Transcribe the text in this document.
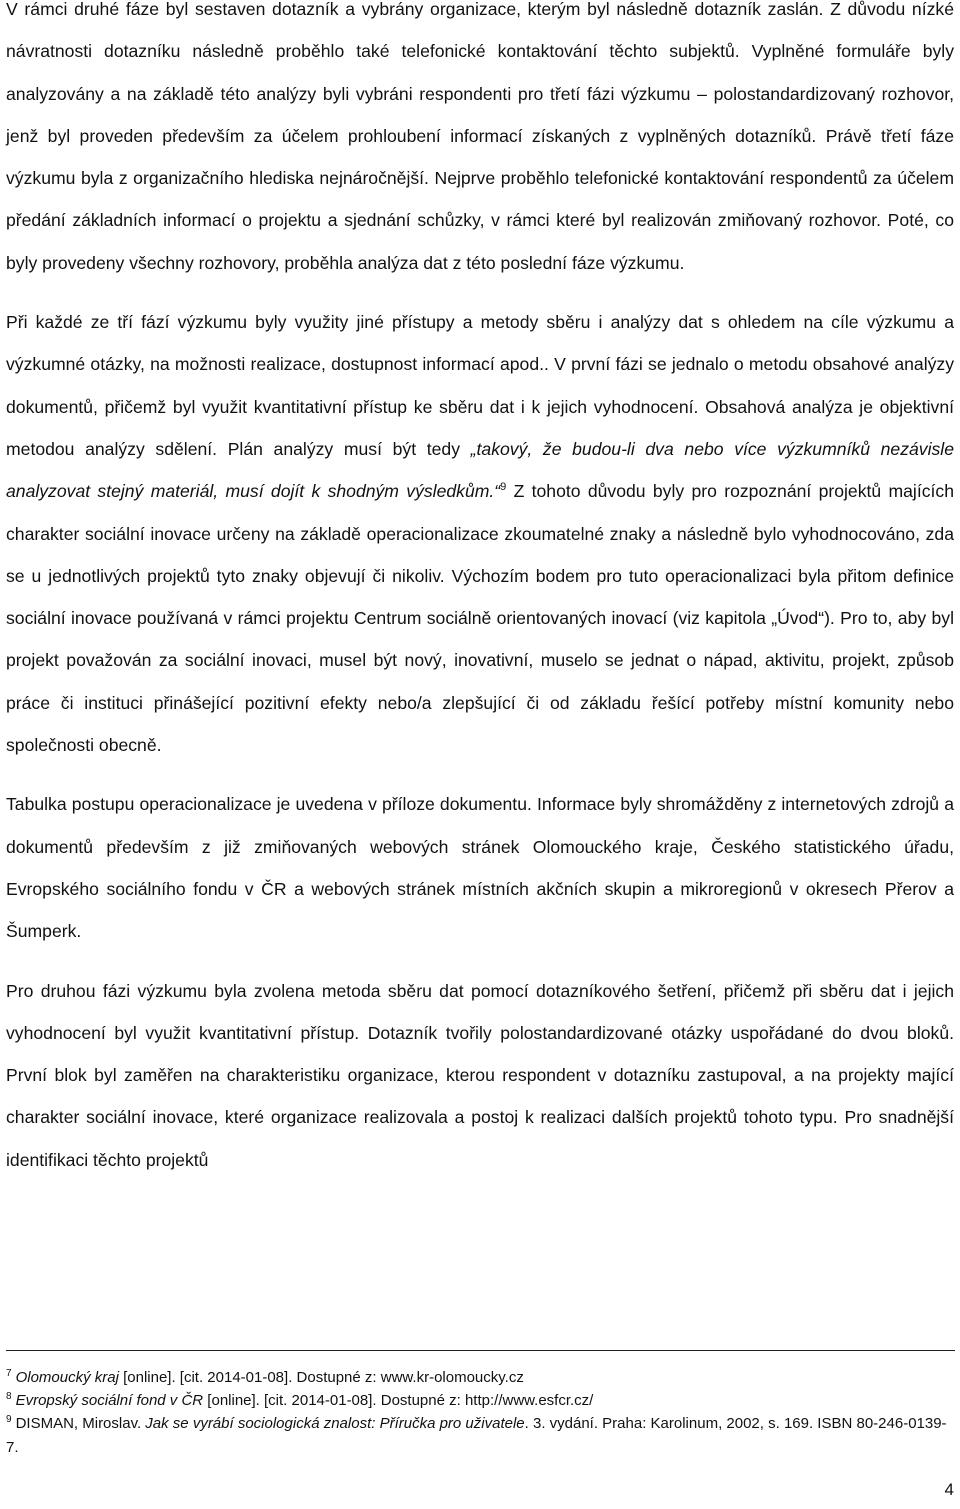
V rámci druhé fáze byl sestaven dotazník a vybrány organizace, kterým byl následně dotazník zaslán. Z důvodu nízké návratnosti dotazníku následně proběhlo také telefonické kontaktování těchto subjektů. Vyplněné formuláře byly analyzovány a na základě této analýzy byli vybráni respondenti pro třetí fázi výzkumu – polostandardizovaný rozhovor, jenž byl proveden především za účelem prohloubení informací získaných z vyplněných dotazníků. Právě třetí fáze výzkumu byla z organizačního hlediska nejnáročnější. Nejprve proběhlo telefonické kontaktování respondentů za účelem předání základních informací o projektu a sjednání schůzky, v rámci které byl realizován zmiňovaný rozhovor. Poté, co byly provedeny všechny rozhovory, proběhla analýza dat z této poslední fáze výzkumu.

Při každé ze tří fází výzkumu byly využity jiné přístupy a metody sběru i analýzy dat s ohledem na cíle výzkumu a výzkumné otázky, na možnosti realizace, dostupnost informací apod.. V první fázi se jednalo o metodu obsahové analýzy dokumentů, přičemž byl využit kvantitativní přístup ke sběru dat i k jejich vyhodnocení. Obsahová analýza je objektivní metodou analýzy sdělení. Plán analýzy musí být tedy „takový, že budou-li dva nebo více výzkumníků nezávisle analyzovat stejný materiál, musí dojít k shodným výsledkům.“$^9$ Z tohoto důvodu byly pro rozpoznání projektů majících charakter sociální inovace určeny na základě operacionalizace zkoumatelné znaky a následně bylo vyhodnocováno, zda se u jednotlivých projektů tyto znaky objevují či nikoliv. Výchozím bodem pro tuto operacionalizaci byla přitom definice sociální inovace používaná v rámci projektu Centrum sociálně orientovaných inovací (viz kapitola „Úvod“). Pro to, aby byl projekt považován za sociální inovaci, musel být nový, inovativní, muselo se jednat o nápad, aktivitu, projekt, způsob práce či instituci přinášející pozitivní efekty nebo/a zlepšující či od základu řešící potřeby místní komunity nebo společnosti obecně.

Tabulka postupu operacionalizace je uvedena v příloze dokumentu. Informace byly shromážděny z internetových zdrojů a dokumentů především z již zmiňovaných webových stránek Olomouckého kraje, Českého statistického úřadu, Evropského sociálního fondu v ČR a webových stránek místních akčních skupin a mikroregionů v okresech Přerov a Šumperk.

Pro druhou fázi výzkumu byla zvolena metoda sběru dat pomocí dotazníkového šetření, přičemž při sběru dat i jejich vyhodnocení byl využit kvantitativní přístup. Dotazník tvořily polostandardizované otázky uspořádané do dvou bloků. První blok byl zaměřen na charakteristiku organizace, kterou respondent v dotazníku zastupoval, a na projekty mající charakter sociální inovace, které organizace realizovala a postoj k realizaci dalších projektů tohoto typu. Pro snadnější identifikaci těchto projektů

$^7$ Olomoucký kraj [online]. [cit. 2014-01-08]. Dostupné z: www.kr-olomoucky.cz

$^8$ Evropský sociální fond v ČR [online]. [cit. 2014-01-08]. Dostupné z: http://www.esfcr.cz/

$^9$ DISMAN, Miroslav. Jak se vyrábí sociologická znalost: Příručka pro uživatele. 3. vydání. Praha: Karolinum, 2002, s. 169. ISBN 80-246-0139-7.

4
